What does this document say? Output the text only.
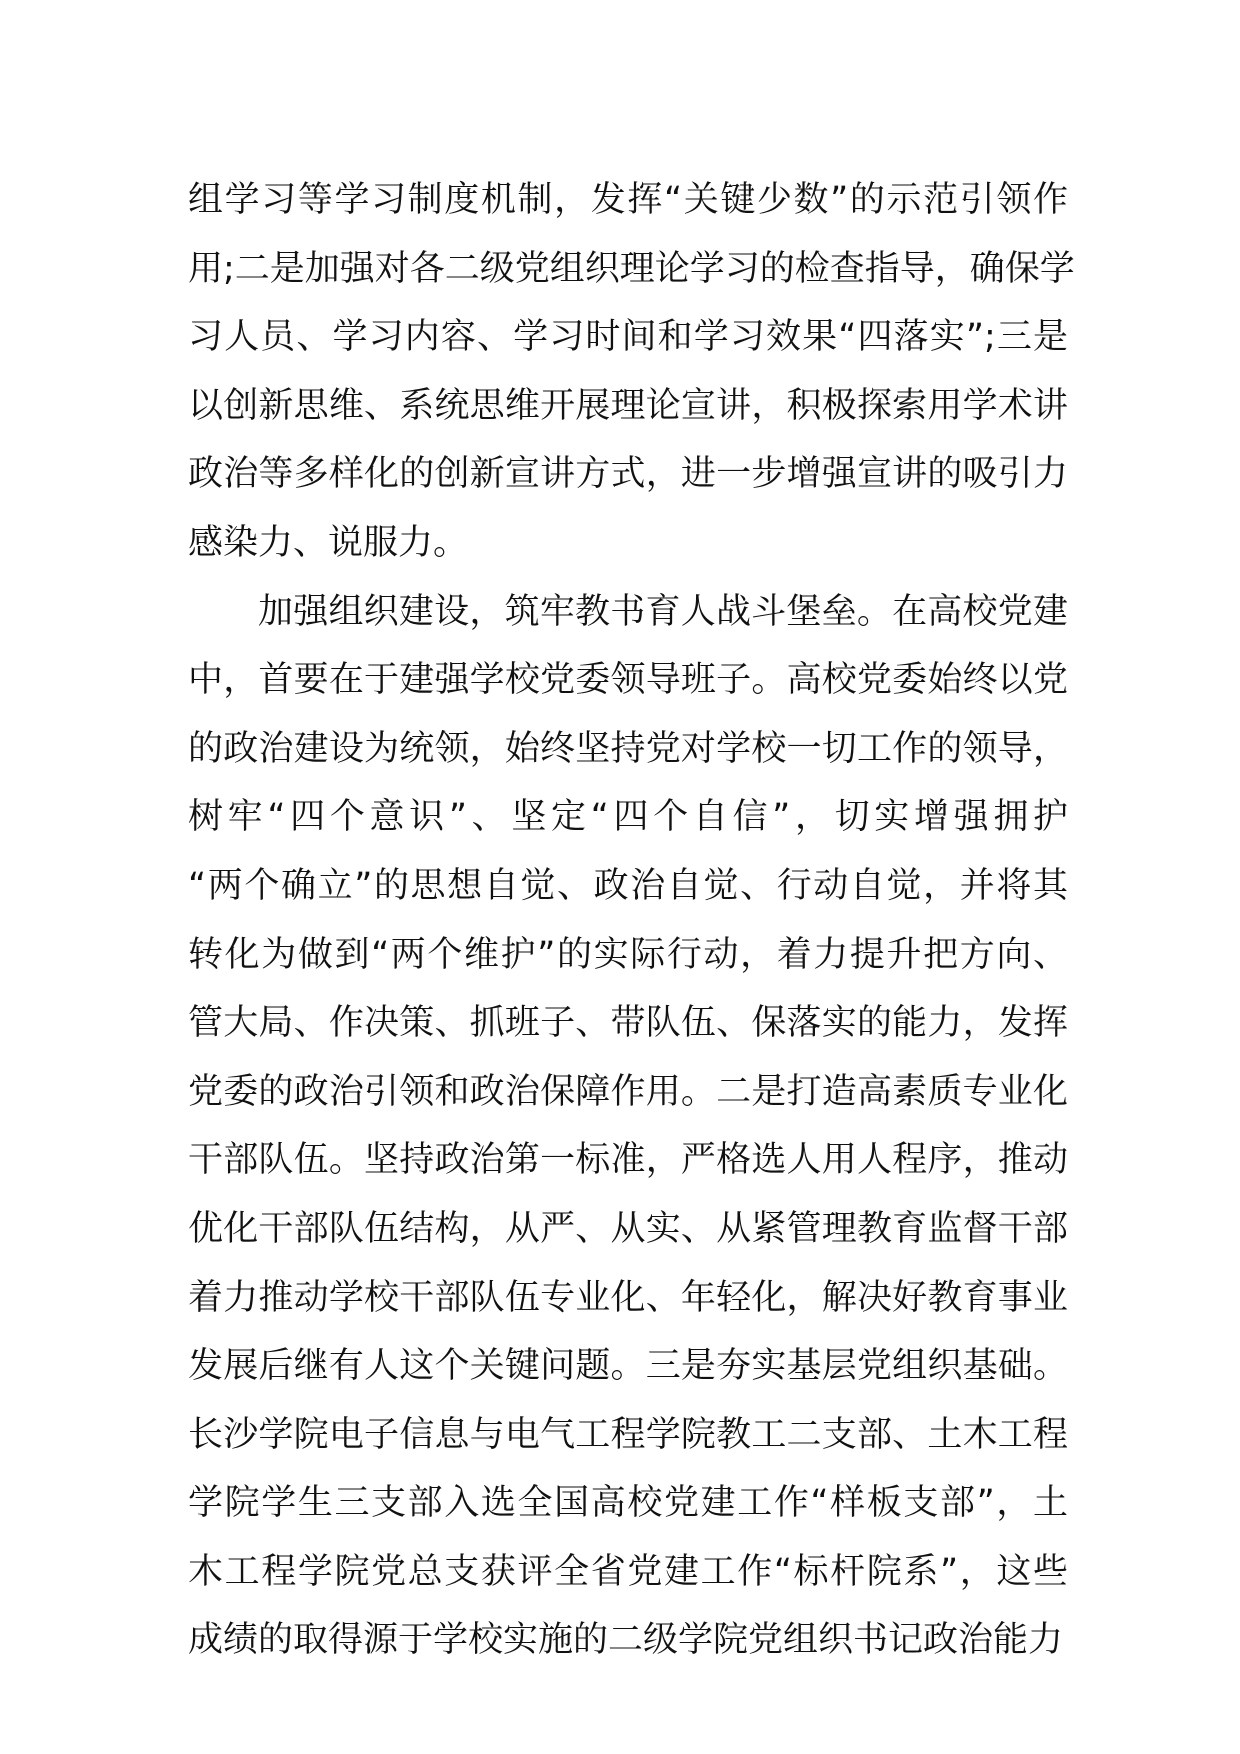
组学习等学习制度机制，发挥“关键少数”的示范引领作
用;二是加强对各二级党组织理论学习的检查指导，确保学
习人员、学习内容、学习时间和学习效果“四落实”;三是
以创新思维、系统思维开展理论宣讲，积极探索用学术讲
政治等多样化的创新宣讲方式，进一步增强宣讲的吸引力
感染力、说服力。
加强组织建设，筑牢教书育人战斗堡垒。在高校党建
中，首要在于建强学校党委领导班子。高校党委始终以党
的政治建设为统领，始终坚持党对学校一切工作的领导，
树牢“四个意识”、坚定“四个自信”，切实增强拥护
“两个确立”的思想自觉、政治自觉、行动自觉，并将其
转化为做到“两个维护”的实际行动，着力提升把方向、
管大局、作决策、抓班子、带队伍、保落实的能力，发挥
党委的政治引领和政治保障作用。二是打造高素质专业化
干部队伍。坚持政治第一标准，严格选人用人程序，推动
优化干部队伍结构，从严、从实、从紧管理教育监督干部
着力推动学校干部队伍专业化、年轻化，解决好教育事业
发展后继有人这个关键问题。三是夯实基层党组织基础。
长沙学院电子信息与电气工程学院教工二支部、土木工程
学院学生三支部入选全国高校党建工作“样板支部”，土
木工程学院党总支获评全省党建工作“标杆院系”，这些
成绩的取得源于学校实施的二级学院党组织书记政治能力
